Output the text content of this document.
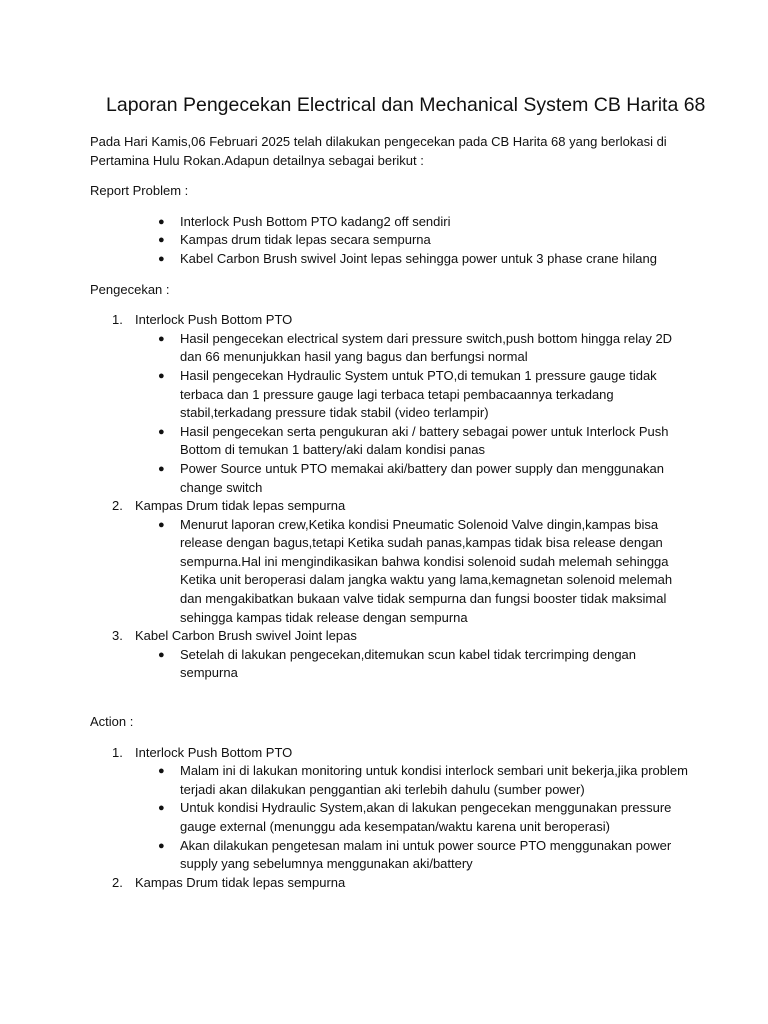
Laporan Pengecekan Electrical dan Mechanical System CB Harita 68

Pada Hari Kamis,06 Februari 2025 telah dilakukan pengecekan pada CB Harita 68 yang berlokasi di Pertamina Hulu Rokan.Adapun detailnya sebagai berikut :

Report Problem :

● Interlock Push Bottom PTO kadang2 off sendiri
● Kampas drum tidak lepas secara sempurna
● Kabel Carbon Brush swivel Joint lepas sehingga power untuk 3 phase crane hilang

Pengecekan :

1. Interlock Push Bottom PTO
● Hasil pengecekan electrical system dari pressure switch,push bottom hingga relay 2D dan 66 menunjukkan hasil yang bagus dan berfungsi normal
● Hasil pengecekan Hydraulic System untuk PTO,di temukan 1 pressure gauge tidak terbaca dan 1 pressure gauge lagi terbaca tetapi pembacaannya terkadang stabil,terkadang pressure tidak stabil (video terlampir)
● Hasil pengecekan serta pengukuran aki / battery sebagai power untuk Interlock Push Bottom di temukan 1 battery/aki dalam kondisi panas
● Power Source untuk PTO memakai aki/battery dan power supply dan menggunakan change switch
2. Kampas Drum tidak lepas sempurna
● Menurut laporan crew,Ketika kondisi Pneumatic Solenoid Valve dingin,kampas bisa release dengan bagus,tetapi Ketika sudah panas,kampas tidak bisa release dengan sempurna.Hal ini mengindikasikan bahwa kondisi solenoid sudah melemah sehingga Ketika unit beroperasi dalam jangka waktu yang lama,kemagnetan solenoid melemah dan mengakibatkan bukaan valve tidak sempurna dan fungsi booster tidak maksimal sehingga kampas tidak release dengan sempurna
3. Kabel Carbon Brush swivel Joint lepas
● Setelah di lakukan pengecekan,ditemukan scun kabel tidak tercrimping dengan sempurna

Action :

1. Interlock Push Bottom PTO
● Malam ini di lakukan monitoring untuk kondisi interlock sembari unit bekerja,jika problem terjadi akan dilakukan penggantian aki terlebih dahulu (sumber power)
● Untuk kondisi Hydraulic System,akan di lakukan pengecekan menggunakan pressure gauge external (menunggu ada kesempatan/waktu karena unit beroperasi)
● Akan dilakukan pengetesan malam ini untuk power source PTO menggunakan power supply yang sebelumnya menggunakan aki/battery
2. Kampas Drum tidak lepas sempurna
